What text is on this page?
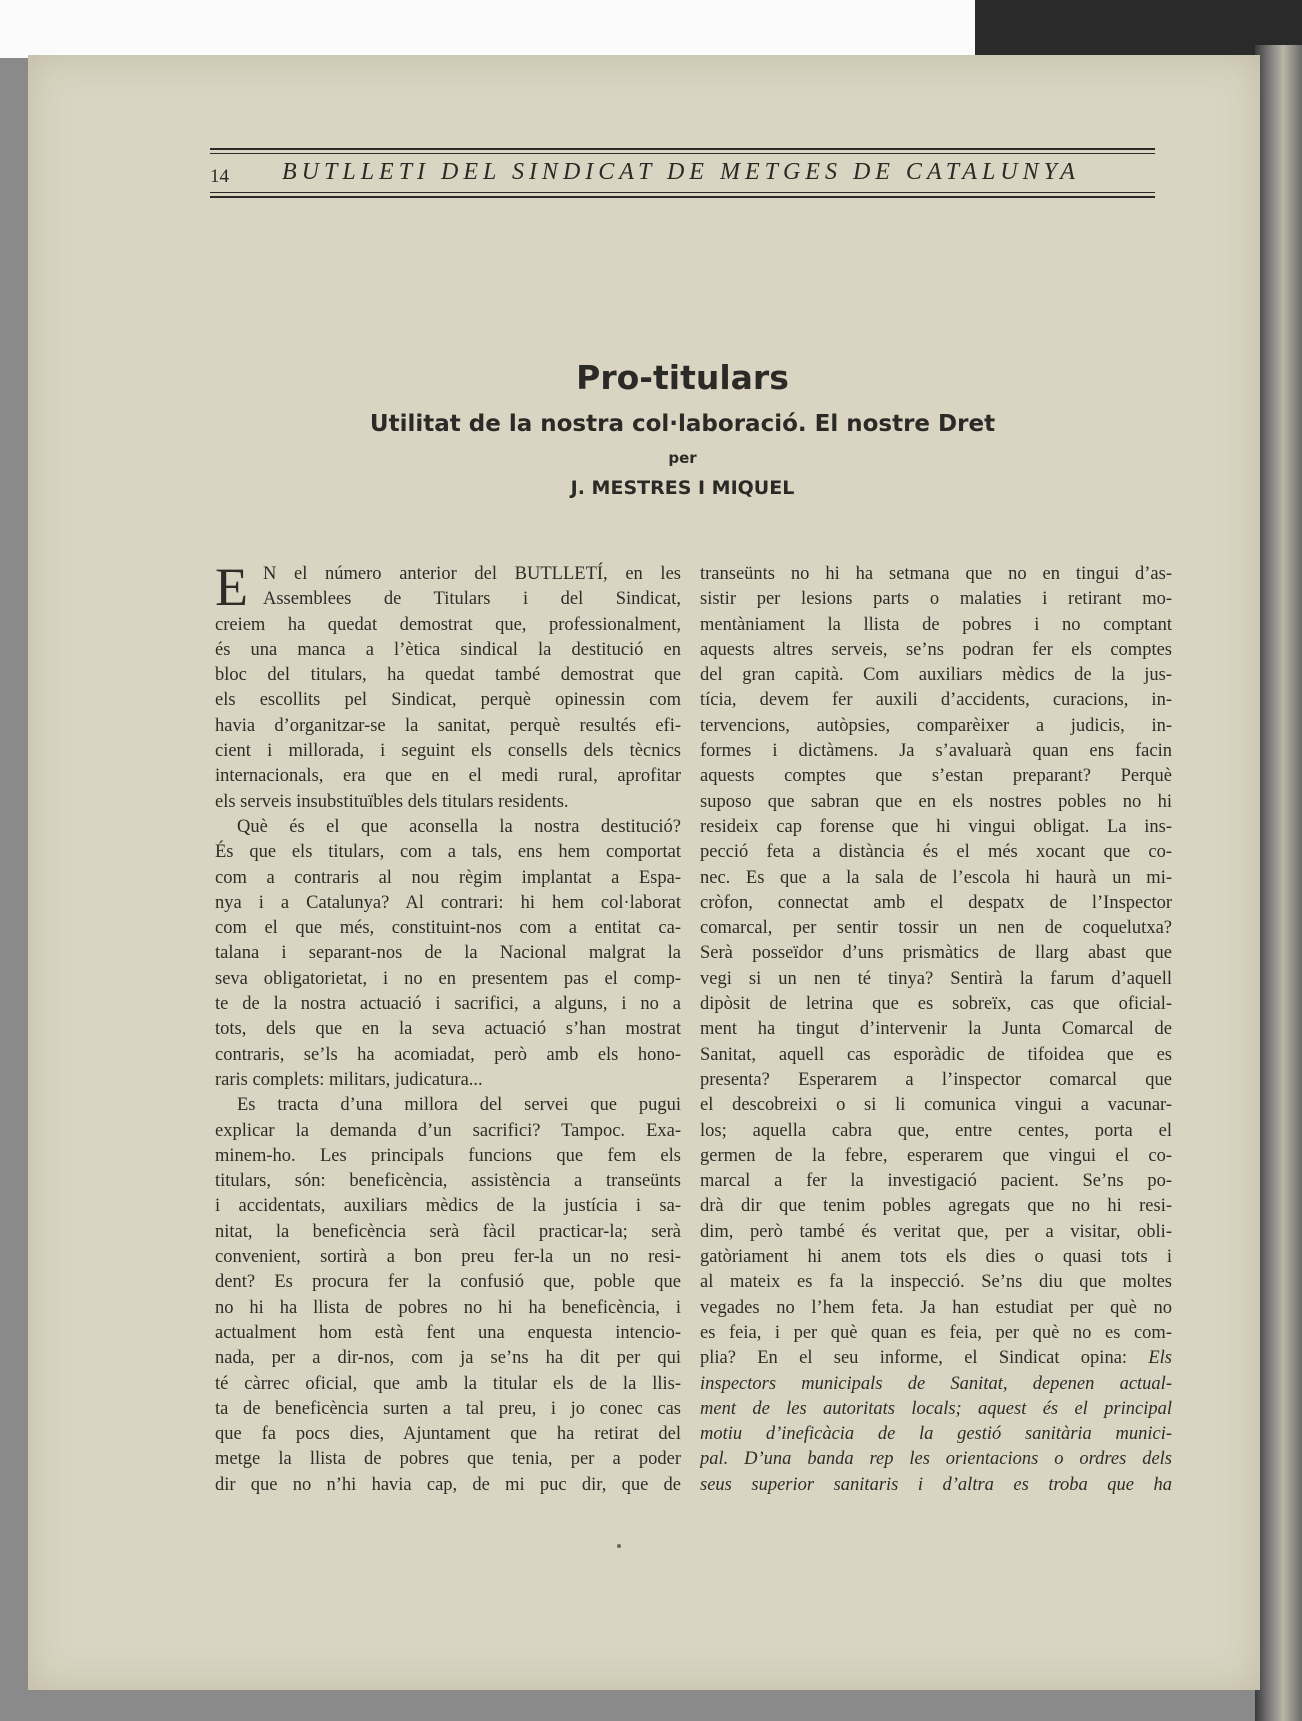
14 BUTLLETI DEL SINDICAT DE METGES DE CATALUNYA
Pro-titulars
Utilitat de la nostra col·laboració. El nostre Dret
per
J. MESTRES I MIQUEL
E N el número anterior del BUTLLETÍ, en les
Assemblees de Titulars i del Sindicat,
creiem ha quedat demostrat que, professionalment,
és una manca a l’ètica sindical la destitució en
bloc del titulars, ha quedat també demostrat que
els escollits pel Sindicat, perquè opinessin com
havia d’organitzar-se la sanitat, perquè resultés efi-
cient i millorada, i seguint els consells dels tècnics
internacionals, era que en el medi rural, aprofitar
els serveis insubstituïbles dels titulars residents.
Què és el que aconsella la nostra destitució?
És que els titulars, com a tals, ens hem comportat
com a contraris al nou règim implantat a Espa-
nya i a Catalunya? Al contrari: hi hem col·laborat
com el que més, constituint-nos com a entitat ca-
talana i separant-nos de la Nacional malgrat la
seva obligatorietat, i no en presentem pas el comp-
te de la nostra actuació i sacrifici, a alguns, i no a
tots, dels que en la seva actuació s’han mostrat
contraris, se’ls ha acomiadat, però amb els hono-
raris complets: militars, judicatura...
Es tracta d’una millora del servei que pugui
explicar la demanda d’un sacrifici? Tampoc. Exa-
minem-ho. Les principals funcions que fem els
titulars, són: beneficència, assistència a transeünts
i accidentats, auxiliars mèdics de la justícia i sa-
nitat, la beneficència serà fàcil practicar-la; serà
convenient, sortirà a bon preu fer-la un no resi-
dent? Es procura fer la confusió que, poble que
no hi ha llista de pobres no hi ha beneficència, i
actualment hom està fent una enquesta intencio-
nada, per a dir-nos, com ja se’ns ha dit per qui
té càrrec oficial, que amb la titular els de la llis-
ta de beneficència surten a tal preu, i jo conec cas
que fa pocs dies, Ajuntament que ha retirat del
metge la llista de pobres que tenia, per a poder
dir que no n’hi havia cap, de mi puc dir, que de
transeünts no hi ha setmana que no en tingui d’as-
sistir per lesions parts o malaties i retirant mo-
mentàniament la llista de pobres i no comptant
aquests altres serveis, se’ns podran fer els comptes
del gran capità. Com auxiliars mèdics de la jus-
tícia, devem fer auxili d’accidents, curacions, in-
tervencions, autòpsies, comparèixer a judicis, in-
formes i dictàmens. Ja s’avaluarà quan ens facin
aquests comptes que s’estan preparant? Perquè
suposo que sabran que en els nostres pobles no hi
resideix cap forense que hi vingui obligat. La ins-
pecció feta a distància és el més xocant que co-
nec. Es que a la sala de l’escola hi haurà un mi-
cròfon, connectat amb el despatx de l’Inspector
comarcal, per sentir tossir un nen de coquelutxa?
Serà posseïdor d’uns prismàtics de llarg abast que
vegi si un nen té tinya? Sentirà la farum d’aquell
dipòsit de letrina que es sobreïx, cas que oficial-
ment ha tingut d’intervenir la Junta Comarcal de
Sanitat, aquell cas esporàdic de tifoidea que es
presenta? Esperarem a l’inspector comarcal que
el descobreixi o si li comunica vingui a vacunar-
los; aquella cabra que, entre centes, porta el
germen de la febre, esperarem que vingui el co-
marcal a fer la investigació pacient. Se’ns po-
drà dir que tenim pobles agregats que no hi resi-
dim, però també és veritat que, per a visitar, obli-
gatòriament hi anem tots els dies o quasi tots i
al mateix es fa la inspecció. Se’ns diu que moltes
vegades no l’hem feta. Ja han estudiat per què no
es feia, i per què quan es feia, per què no es com-
plia? En el seu informe, el Sindicat opina: Els
inspectors municipals de Sanitat, depenen actual-
ment de les autoritats locals; aquest és el principal
motiu d’ineficàcia de la gestió sanitària munici-
pal. D’una banda rep les orientacions o ordres dels
seus superior sanitaris i d’altra es troba que ha
